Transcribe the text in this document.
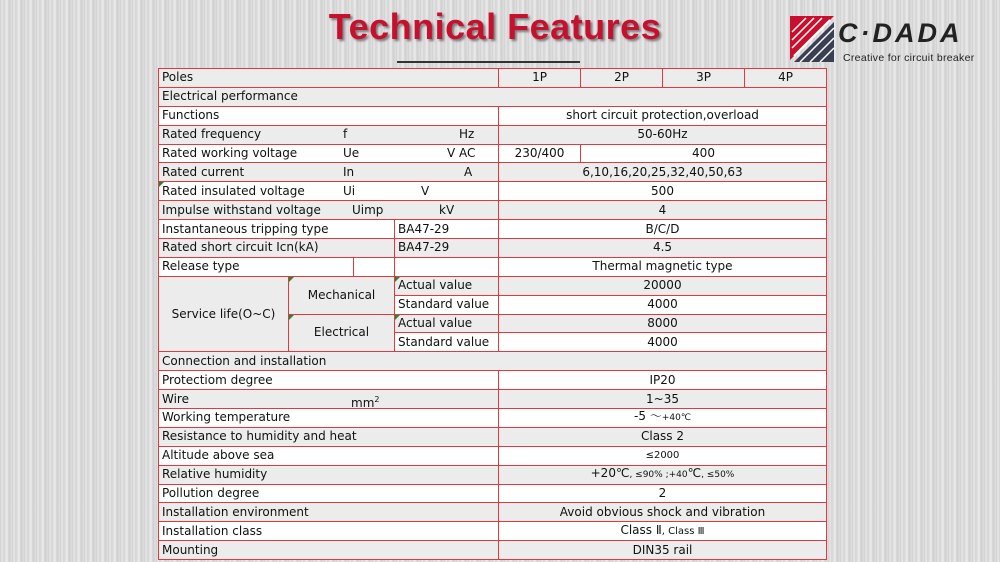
Technical Features	C·DADA
Creative for circuit breaker
Poles				1P	2P	3P	4P
Electrical performance							
Functions				short circuit protection,overload			
Rated frequency f Hz				50-60Hz			
Rated working voltage Ue V AC				230/400	400		
Rated current In A				6,10,16,20,25,32,40,50,63			
Rated insulated voltage Ui V				500			
Impulse withstand voltage Uimp kV				4			
Instantaneous tripping type			BA47-29	B/C/D			
Rated short circuit Icn(kA)			BA47-29	4.5			
Release type				Thermal magnetic type			
Service life(O~C)	Mechanical		Actual value	20000			
			Standard value	4000			
	Electrical		Actual value	8000			
			Standard value	4000			
Connection and installation							
Protectiom degree				IP20			
Wire $mm^2$				1~35			
Working temperature				-5 ～+40℃			
Resistance to humidity and heat				Class 2			
Altitude above sea				≤2000			
Relative humidity				+20℃, ≤90% ;+40℃, ≤50%			
Pollution degree				2			
Installation environment				Avoid obvious shock and vibration			
Installation class				Class Ⅱ, Class Ⅲ			
Mounting				DIN35 rail			
